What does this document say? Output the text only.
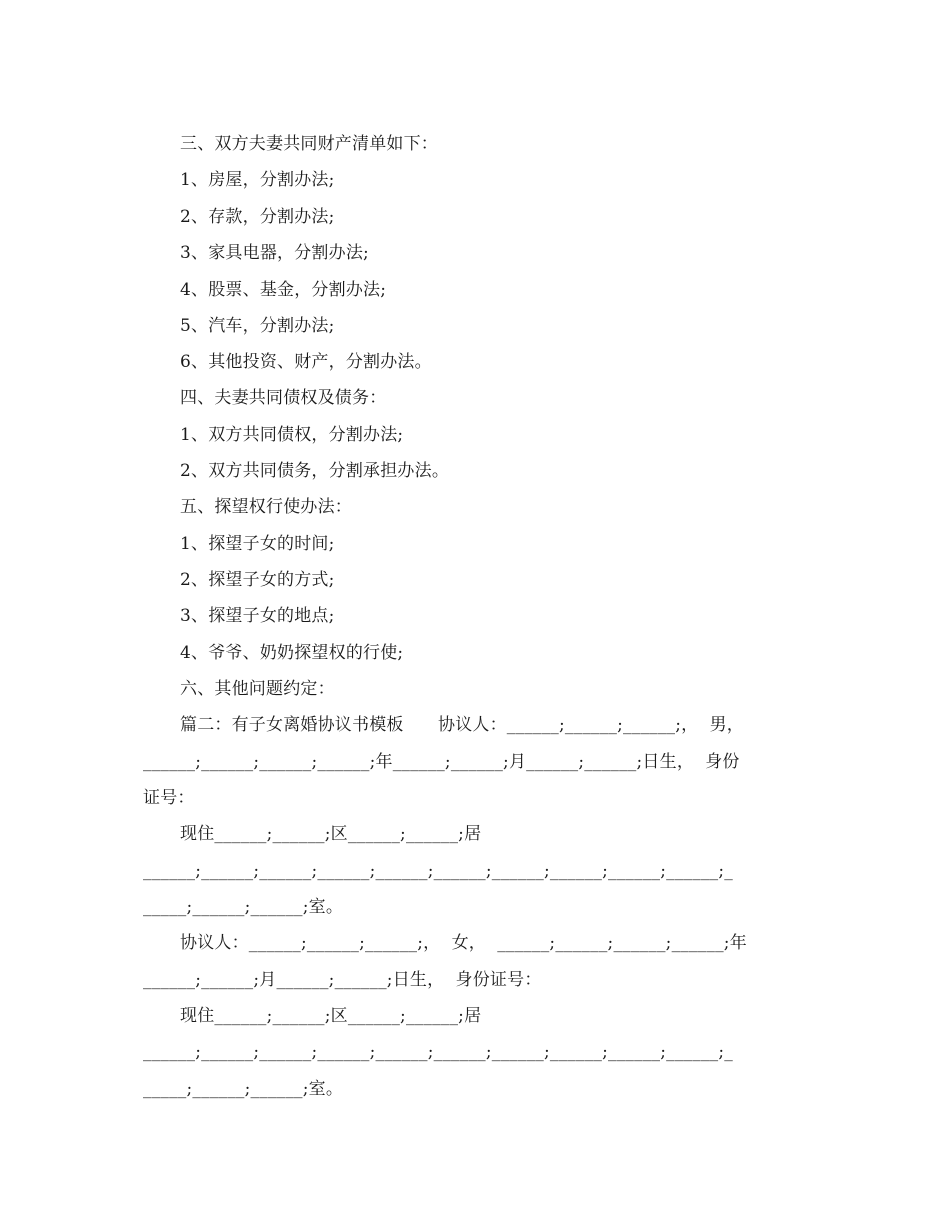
三、双方夫妻共同财产清单如下：
1、房屋，分割办法;
2、存款，分割办法;
3、家具电器，分割办法;
4、股票、基金，分割办法;
5、汽车，分割办法;
6、其他投资、财产，分割办法。
四、夫妻共同债权及债务：
1、双方共同债权，分割办法;
2、双方共同债务，分割承担办法。
五、探望权行使办法：
1、探望子女的时间;
2、探望子女的方式;
3、探望子女的地点;
4、爷爷、奶奶探望权的行使;
六、其他问题约定：
篇二：有子女离婚协议书模板　　协议人：______;______;______;，  男，
______;______;______;______;年______;______;月______;______;日生，  身份
证号：
现住______;______;区______;______;居
______;______;______;______;______;______;______;______;______;______;_
_____;______;______;室。
协议人：______;______;______;，  女，  ______;______;______;______;年
______;______;月______;______;日生，  身份证号：
现住______;______;区______;______;居
______;______;______;______;______;______;______;______;______;______;_
_____;______;______;室。
